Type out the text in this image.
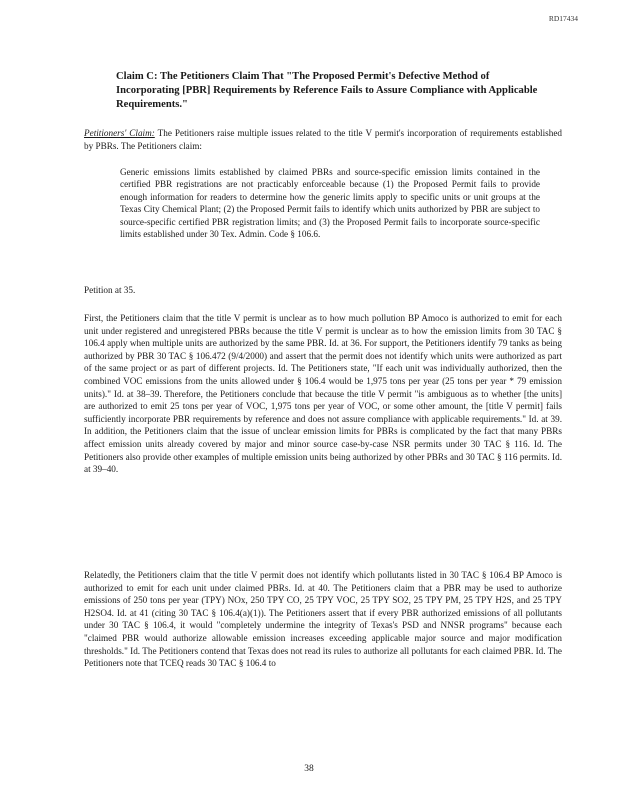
RD17434
Claim C: The Petitioners Claim That "The Proposed Permit's Defective Method of Incorporating [PBR] Requirements by Reference Fails to Assure Compliance with Applicable Requirements."

Petitioners' Claim: The Petitioners raise multiple issues related to the title V permit's incorporation of requirements established by PBRs. The Petitioners claim:

Generic emissions limits established by claimed PBRs and source-specific emission limits contained in the certified PBR registrations are not practicably enforceable because (1) the Proposed Permit fails to provide enough information for readers to determine how the generic limits apply to specific units or unit groups at the Texas City Chemical Plant; (2) the Proposed Permit fails to identify which units authorized by PBR are subject to source-specific certified PBR registration limits; and (3) the Proposed Permit fails to incorporate source-specific limits established under 30 Tex. Admin. Code § 106.6.

Petition at 35.

First, the Petitioners claim that the title V permit is unclear as to how much pollution BP Amoco is authorized to emit for each unit under registered and unregistered PBRs because the title V permit is unclear as to how the emission limits from 30 TAC § 106.4 apply when multiple units are authorized by the same PBR. Id. at 36. For support, the Petitioners identify 79 tanks as being authorized by PBR 30 TAC § 106.472 (9/4/2000) and assert that the permit does not identify which units were authorized as part of the same project or as part of different projects. Id. The Petitioners state, "If each unit was individually authorized, then the combined VOC emissions from the units allowed under § 106.4 would be 1,975 tons per year (25 tons per year * 79 emission units)." Id. at 38–39. Therefore, the Petitioners conclude that because the title V permit "is ambiguous as to whether [the units] are authorized to emit 25 tons per year of VOC, 1,975 tons per year of VOC, or some other amount, the [title V permit] fails sufficiently incorporate PBR requirements by reference and does not assure compliance with applicable requirements." Id. at 39. In addition, the Petitioners claim that the issue of unclear emission limits for PBRs is complicated by the fact that many PBRs affect emission units already covered by major and minor source case-by-case NSR permits under 30 TAC § 116. Id. The Petitioners also provide other examples of multiple emission units being authorized by other PBRs and 30 TAC § 116 permits. Id. at 39–40.

Relatedly, the Petitioners claim that the title V permit does not identify which pollutants listed in 30 TAC § 106.4 BP Amoco is authorized to emit for each unit under claimed PBRs. Id. at 40. The Petitioners claim that a PBR may be used to authorize emissions of 250 tons per year (TPY) NOx, 250 TPY CO, 25 TPY VOC, 25 TPY SO2, 25 TPY PM, 25 TPY H2S, and 25 TPY H2SO4. Id. at 41 (citing 30 TAC § 106.4(a)(1)). The Petitioners assert that if every PBR authorized emissions of all pollutants under 30 TAC § 106.4, it would "completely undermine the integrity of Texas's PSD and NNSR programs" because each "claimed PBR would authorize allowable emission increases exceeding applicable major source and major modification thresholds." Id. The Petitioners contend that Texas does not read its rules to authorize all pollutants for each claimed PBR. Id. The Petitioners note that TCEQ reads 30 TAC § 106.4 to

38
